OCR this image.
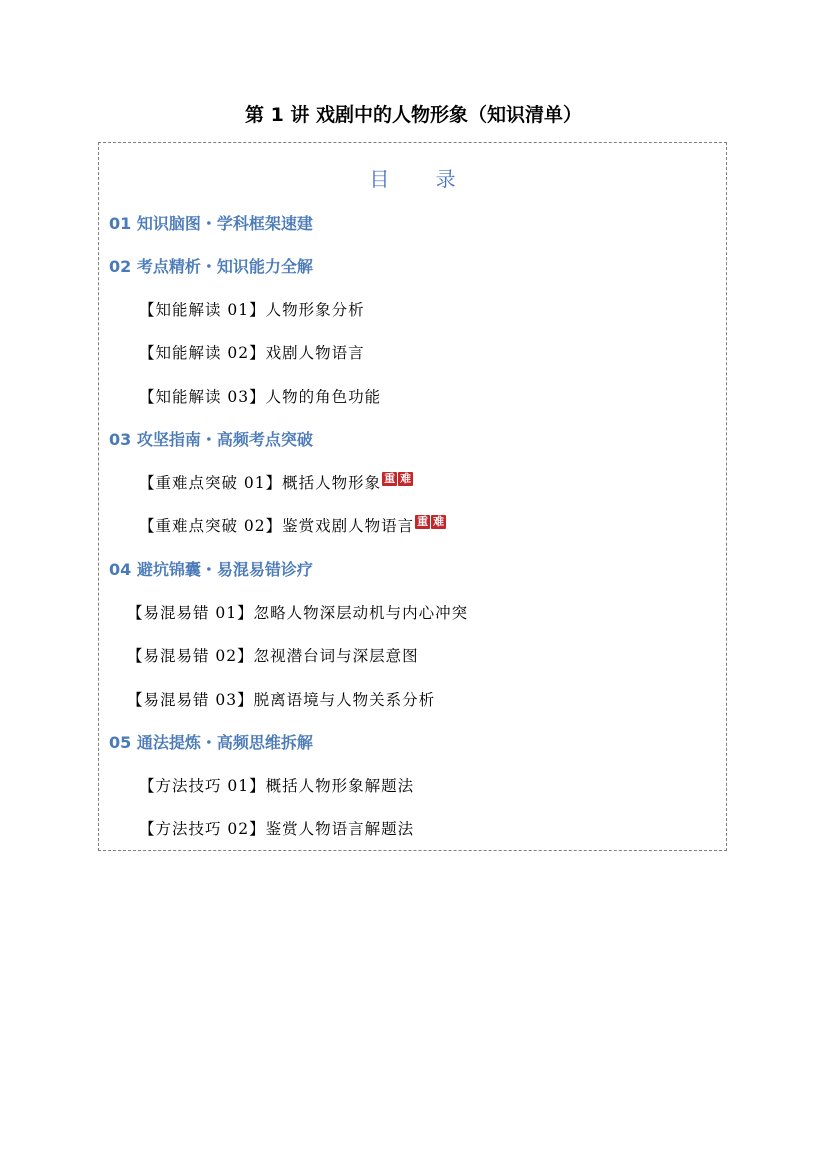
第 1 讲 戏剧中的人物形象（知识清单）
目 录
01 知识脑图・学科框架速建
02 考点精析・知识能力全解
【知能解读 01】人物形象分析
【知能解读 02】戏剧人物语言
【知能解读 03】人物的角色功能
03 攻坚指南・高频考点突破
【重难点突破 01】概括人物形象 重 难
【重难点突破 02】鉴赏戏剧人物语言 重 难
04 避坑锦囊・易混易错诊疗
【易混易错 01】忽略人物深层动机与内心冲突
【易混易错 02】忽视潜台词与深层意图
【易混易错 03】脱离语境与人物关系分析
05 通法提炼・高频思维拆解
【方法技巧 01】概括人物形象解题法
【方法技巧 02】鉴赏人物语言解题法
